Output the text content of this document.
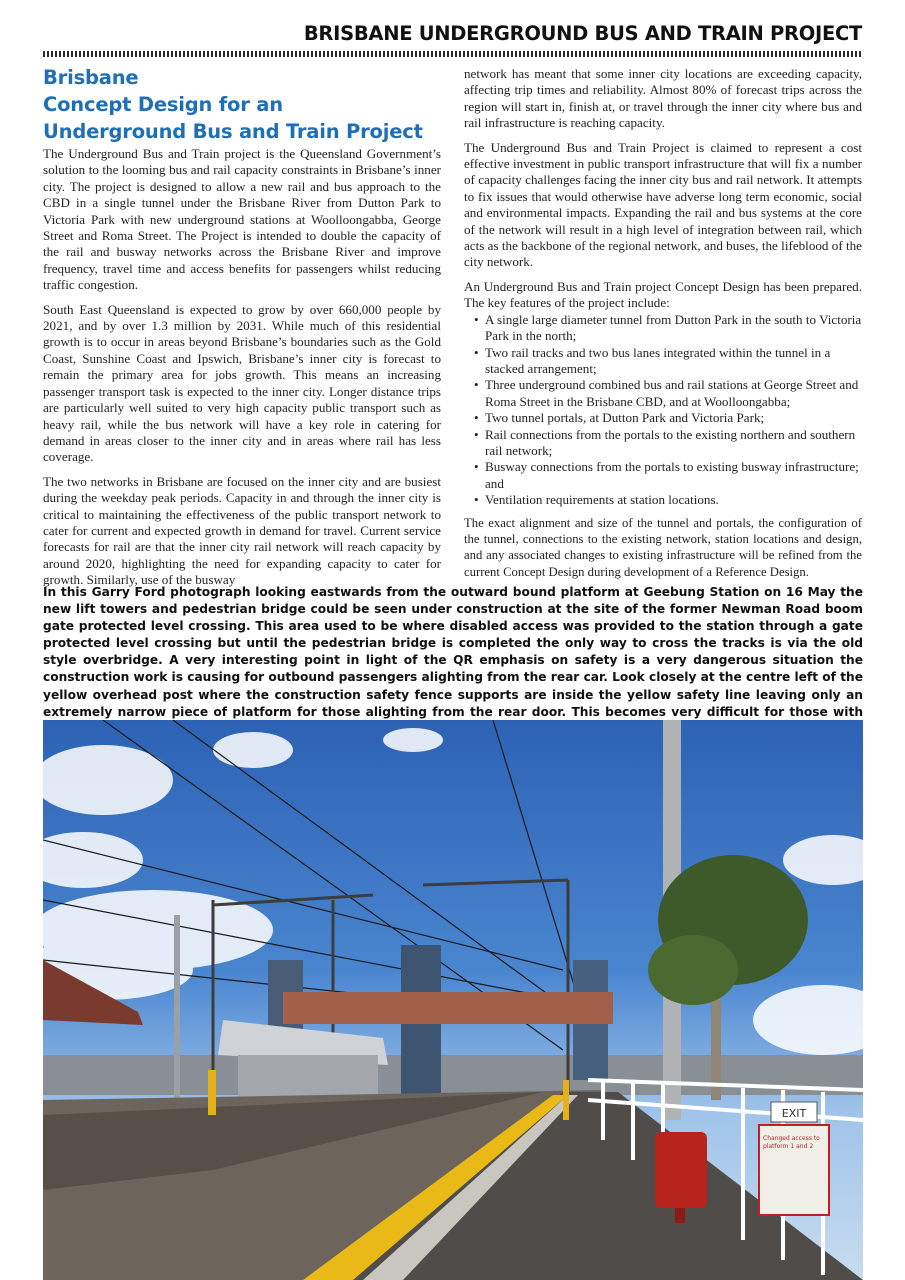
BRISBANE UNDERGROUND BUS AND TRAIN PROJECT
Brisbane
Concept Design for an
Underground Bus and Train Project

The Underground Bus and Train project is the Queensland Government’s solution to the looming bus and rail capacity constraints in Brisbane’s inner city. The project is designed to allow a new rail and bus approach to the CBD in a single tunnel under the Brisbane River from Dutton Park to Victoria Park with new underground stations at Woolloongabba, George Street and Roma Street. The Project is intended to double the capacity of the rail and busway networks across the Brisbane River and improve frequency, travel time and access benefits for passengers whilst reducing traffic congestion.

South East Queensland is expected to grow by over 660,000 people by 2021, and by over 1.3 million by 2031. While much of this residential growth is to occur in areas beyond Brisbane’s boundaries such as the Gold Coast, Sunshine Coast and Ipswich, Brisbane’s inner city is forecast to remain the primary area for jobs growth. This means an increasing passenger transport task is expected to the inner city. Longer distance trips are particularly well suited to very high capacity public transport such as heavy rail, while the bus network will have a key role in catering for demand in areas closer to the inner city and in areas where rail has less coverage.

The two networks in Brisbane are focused on the inner city and are busiest during the weekday peak periods. Capacity in and through the inner city is critical to maintaining the effectiveness of the public transport network to cater for current and expected growth in demand for travel. Current service forecasts for rail are that the inner city rail network will reach capacity by around 2020, highlighting the need for expanding capacity to cater for growth. Similarly, use of the busway

network has meant that some inner city locations are exceeding capacity, affecting trip times and reliability. Almost 80% of forecast trips across the region will start in, finish at, or travel through the inner city where bus and rail infrastructure is reaching capacity.

The Underground Bus and Train Project is claimed to represent a cost effective investment in public transport infrastructure that will fix a number of capacity challenges facing the inner city bus and rail network. It attempts to fix issues that would otherwise have adverse long term economic, social and environmental impacts. Expanding the rail and bus systems at the core of the network will result in a high level of integration between rail, which acts as the backbone of the regional network, and buses, the lifeblood of the city network.

An Underground Bus and Train project Concept Design has been prepared. The key features of the project include:

• A single large diameter tunnel from Dutton Park in the south to Victoria Park in the north;
• Two rail tracks and two bus lanes integrated within the tunnel in a stacked arrangement;
• Three underground combined bus and rail stations at George Street and Roma Street in the Brisbane CBD, and at Woolloongabba;
• Two tunnel portals, at Dutton Park and Victoria Park;
• Rail connections from the portals to the existing northern and southern rail network;
• Busway connections from the portals to existing busway infrastructure; and
• Ventilation requirements at station locations.

The exact alignment and size of the tunnel and portals, the configuration of the tunnel, connections to the existing network, station locations and design, and any associated changes to existing infrastructure will be refined from the current Concept Design during development of a Reference Design.

In this Garry Ford photograph looking eastwards from the outward bound platform at Geebung Station on 16 May the new lift towers and pedestrian bridge could be seen under construction at the site of the former Newman Road boom gate protected level crossing. This area used to be where disabled access was provided to the station through a gate protected level crossing but until the pedestrian bridge is completed the only way to cross the tracks is via the old style overbridge. A very interesting point in light of the QR emphasis on safety is a very dangerous situation the construction work is causing for outbound passengers alighting from the rear car. Look closely at the centre left of the yellow overhead post where the construction safety fence supports are inside the yellow safety line leaving only an extremely narrow piece of platform for those alighting from the rear door. This becomes very difficult for those with
EXIT
Changed access to
platform 1 and 2
